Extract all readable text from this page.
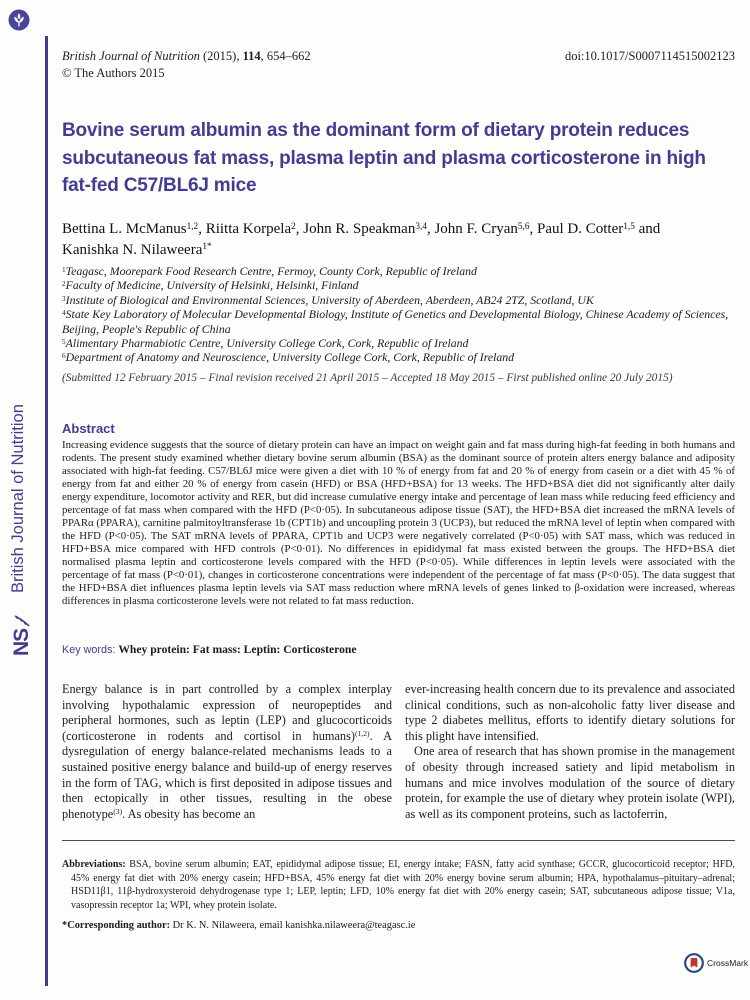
British Journal of Nutrition
NS
British Journal of Nutrition (2015), 114, 654–662	doi:10.1017/S0007114515002123
© The Authors 2015
Bovine serum albumin as the dominant form of dietary protein reduces
subcutaneous fat mass, plasma leptin and plasma corticosterone in high
fat-fed C57/BL6J mice
Bettina L. McManus$^{1,2}$, Riitta Korpela$^2$, John R. Speakman$^{3,4}$, John F. Cryan$^{5,6}$, Paul D. Cotter$^{1,5}$ and
Kanishka N. Nilaweera$^{1*}$
$^1$Teagasc, Moorepark Food Research Centre, Fermoy, County Cork, Republic of Ireland
$^2$Faculty of Medicine, University of Helsinki, Helsinki, Finland
$^3$Institute of Biological and Environmental Sciences, University of Aberdeen, Aberdeen, AB24 2TZ, Scotland, UK
$^4$State Key Laboratory of Molecular Developmental Biology, Institute of Genetics and Developmental Biology, Chinese Academy of Sciences, Beijing, People's Republic of China
$^5$Alimentary Pharmabiotic Centre, University College Cork, Cork, Republic of Ireland
$^6$Department of Anatomy and Neuroscience, University College Cork, Cork, Republic of Ireland
(Submitted 12 February 2015 – Final revision received 21 April 2015 – Accepted 18 May 2015 – First published online 20 July 2015)
Abstract
Increasing evidence suggests that the source of dietary protein can have an impact on weight gain and fat mass during high-fat feeding in both humans and rodents. The present study examined whether dietary bovine serum albumin (BSA) as the dominant source of protein alters energy balance and adiposity associated with high-fat feeding. C57/BL6J mice were given a diet with 10 % of energy from fat and 20 % of energy from casein or a diet with 45 % of energy from fat and either 20 % of energy from casein (HFD) or BSA (HFD+BSA) for 13 weeks. The HFD+BSA diet did not significantly alter daily energy expenditure, locomotor activity and RER, but did increase cumulative energy intake and percentage of lean mass while reducing feed efficiency and percentage of fat mass when compared with the HFD (P<0·05). In subcutaneous adipose tissue (SAT), the HFD+BSA diet increased the mRNA levels of PPARα (PPARA), carnitine palmitoyltransferase 1b (CPT1b) and uncoupling protein 3 (UCP3), but reduced the mRNA level of leptin when compared with the HFD (P<0·05). The SAT mRNA levels of PPARA, CPT1b and UCP3 were negatively correlated (P<0·05) with SAT mass, which was reduced in HFD+BSA mice compared with HFD controls (P<0·01). No differences in epididymal fat mass existed between the groups. The HFD+BSA diet normalised plasma leptin and corticosterone levels compared with the HFD (P<0·05). While differences in leptin levels were associated with the percentage of fat mass (P<0·01), changes in corticosterone concentrations were independent of the percentage of fat mass (P<0·05). The data suggest that the HFD+BSA diet influences plasma leptin levels via SAT mass reduction where mRNA levels of genes linked to β-oxidation were increased, whereas differences in plasma corticosterone levels were not related to fat mass reduction.
Key words: Whey protein: Fat mass: Leptin: Corticosterone

Energy balance is in part controlled by a complex interplay involving hypothalamic expression of neuropeptides and peripheral hormones, such as leptin (LEP) and glucocorticoids (corticosterone in rodents and cortisol in humans)$^{(1,2)}$. A dysregulation of energy balance-related mechanisms leads to a sustained positive energy balance and build-up of energy reserves in the form of TAG, which is first deposited in adipose tissues and then ectopically in other tissues, resulting in the obese phenotype$^{(3)}$. As obesity has become an

ever-increasing health concern due to its prevalence and associated clinical conditions, such as non-alcoholic fatty liver disease and type 2 diabetes mellitus, efforts to identify dietary solutions for this plight have intensified.

One area of research that has shown promise in the management of obesity through increased satiety and lipid metabolism in humans and mice involves modulation of the source of dietary protein, for example the use of dietary whey protein isolate (WPI), as well as its component proteins, such as lactoferrin,

Abbreviations: BSA, bovine serum albumin; EAT, epididymal adipose tissue; EI, energy intake; FASN, fatty acid synthase; GCCR, glucocorticoid receptor; HFD, 45% energy fat diet with 20% energy casein; HFD+BSA, 45% energy fat diet with 20% energy bovine serum albumin; HPA, hypothalamus–pituitary–adrenal; HSD11β1, 11β-hydroxysteroid dehydrogenase type 1; LEP, leptin; LFD, 10% energy fat diet with 20% energy casein; SAT, subcutaneous adipose tissue; V1a, vasopressin receptor 1a; WPI, whey protein isolate.

*Corresponding author: Dr K. N. Nilaweera, email kanishka.nilaweera@teagasc.ie

CrossMark
